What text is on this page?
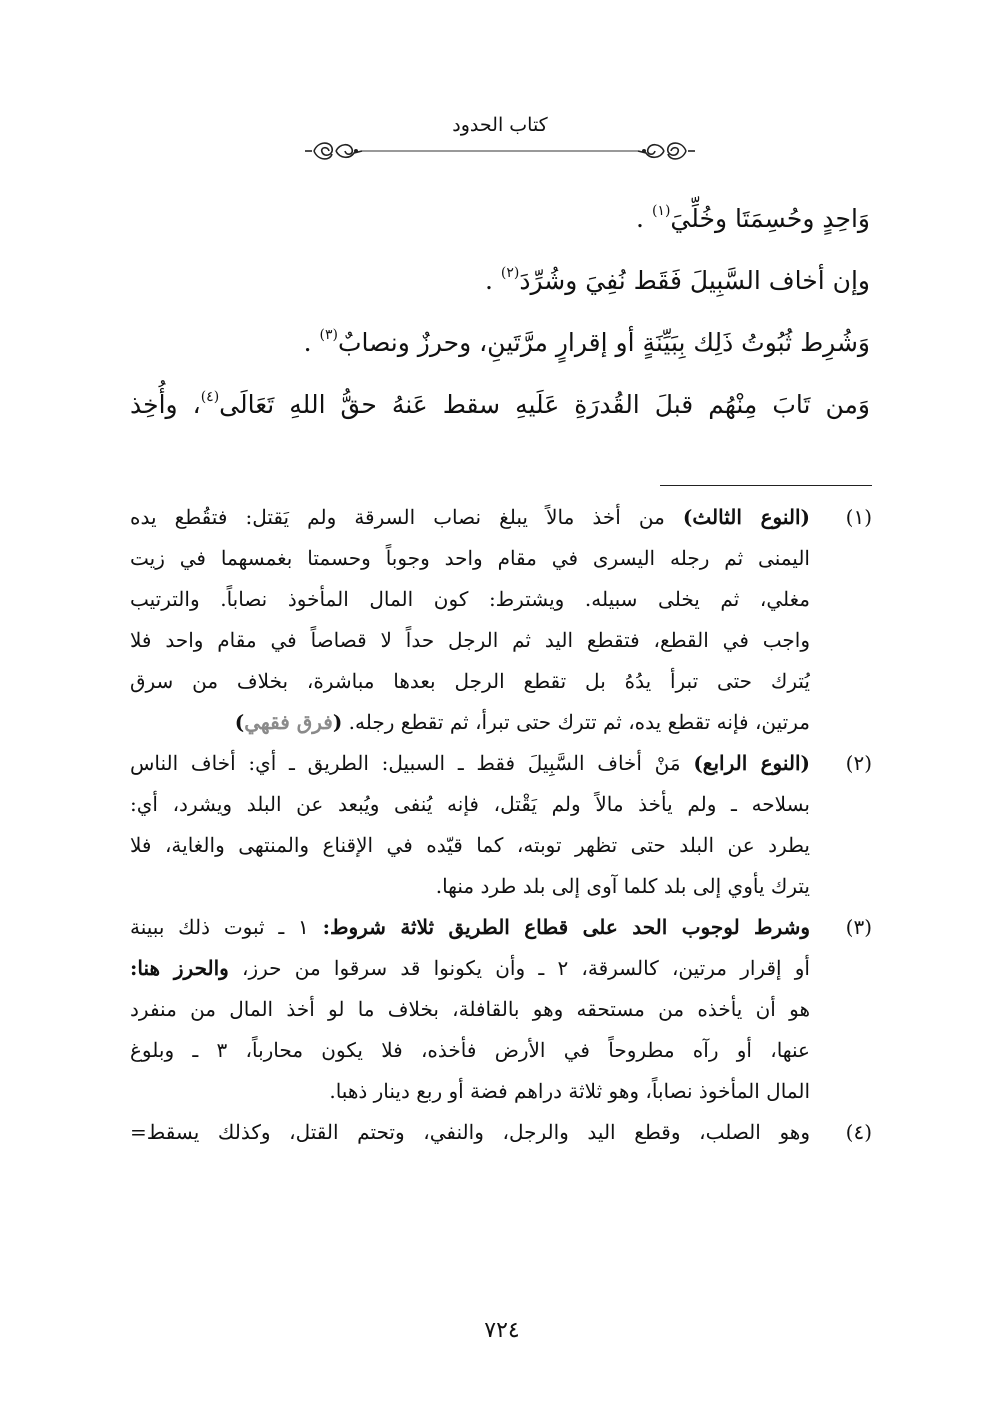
كتاب الحدود
وَاحِدٍ وحُسِمَتَا وخُلِّيَ$^{(١)}$ .
وإن أخاف السَّبِيلَ فَقَط نُفِيَ وشُرِّدَ$^{(٢)}$ .
وَشُرِط ثُبُوتُ ذَلِك بِبَيِّنَةٍ أو إقرارٍ مرَّتَينِ، وحرزٌ ونصابٌ$^{(٣)}$ .
وَمن تَابَ مِنْهُم قبلَ القُدرَةِ عَلَيهِ سقط عَنهُ حقُّ اللهِ تَعَالَى$^{(٤)}$، وأُخِذ
(١)
(النوع الثالث) من أخذ مالاً يبلغ نصاب السرقة ولم يَقتل: فتقُطع يده
اليمنى ثم رجله اليسرى في مقام واحد وجوباً وحسمتا بغمسهما في زيت
مغلي، ثم يخلى سبيله. ويشترط: كون المال المأخوذ نصاباً. والترتيب
واجب في القطع، فتقطع اليد ثم الرجل حداً لا قصاصاً في مقام واحد فلا
يُترك حتى تبرأ يدُهُ بل تقطع الرجل بعدها مباشرة، بخلاف من سرق
مرتين، فإنه تقطع يده، ثم تترك حتى تبرأ، ثم تقطع رجله. (فرق فقهي)
(٢)
(النوع الرابع) مَنْ أخاف السَّبِيلَ فقط ـ السبيل: الطريق ـ أي: أخاف الناس
بسلاحه ـ ولم يأخذ مالاً ولم يَقْتل، فإنه يُنفى ويُبعد عن البلد ويشرد، أي:
يطرد عن البلد حتى تظهر توبته، كما قيّده في الإقناع والمنتهى والغاية، فلا
يترك يأوي إلى بلد كلما آوى إلى بلد طرد منها.
(٣)
وشرط لوجوب الحد على قطاع الطريق ثلاثة شروط: ١ ـ ثبوت ذلك ببينة
أو إقرار مرتين، كالسرقة، ٢ ـ وأن يكونوا قد سرقوا من حرز، والحرز هنا:
هو أن يأخذه من مستحقه وهو بالقافلة، بخلاف ما لو أخذ المال من منفرد
عنها، أو رآه مطروحاً في الأرض فأخذه، فلا يكون محارباً، ٣ ـ وبلوغ
المال المأخوذ نصاباً، وهو ثلاثة دراهم فضة أو ربع دينار ذهبا.
(٤)
وهو الصلب، وقطع اليد والرجل، والنفي، وتحتم القتل، وكذلك يسقط=
٧٢٤
